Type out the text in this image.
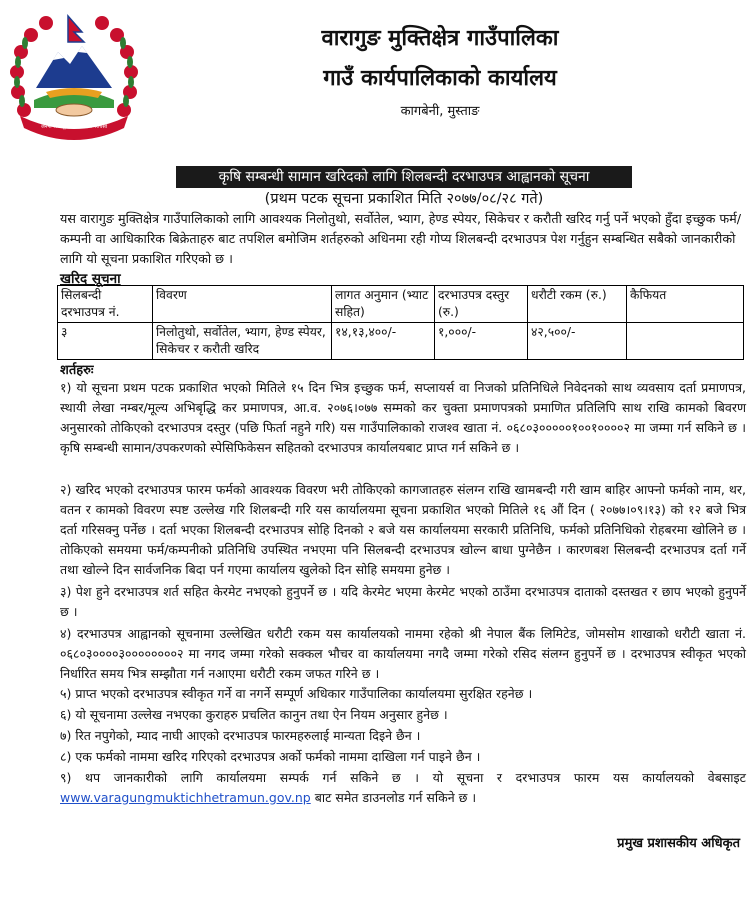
जननी जन्मभूमिश्च स्वर्गादपि गरीयसी
वारागुङ मुक्तिक्षेत्र गाउँपालिका
गाउँ कार्यपालिकाको कार्यालय
कागबेनी, मुस्ताङ
कृषि सम्बन्धी सामान खरिदको लागि शिलबन्दी दरभाउपत्र आह्वानको सूचना
(प्रथम पटक सूचना प्रकाशित मिति २०७७/०८/२८ गते)
यस वारागुङ मुक्तिक्षेत्र गाउँपालिकाको लागि आवश्यक निलोतुथो, सर्वोतेल, भ्याग, हेण्ड स्पेयर, सिकेचर र करौती खरिद गर्नु पर्ने भएको हुँदा इच्छुक फर्म/कम्पनी वा आधिकारिक बिक्रेताहरु बाट तपशिल बमोजिम शर्तहरुको अधिनमा रही गोप्य शिलबन्दी दरभाउपत्र पेश गर्नुहुन सम्बन्धित सबैको जानकारीको लागि यो सूचना प्रकाशित गरिएको छ ।
खरिद सूचना
सिलबन्दी दरभाउपत्र नं.	विवरण	लागत अनुमान (भ्याट सहित)	दरभाउपत्र दस्तुर (रु.)	धरौटी रकम (रु.)	कैफियत
३	निलोतुथो, सर्वोतेल, भ्याग, हेण्ड स्पेयर, सिकेचर र करौती खरिद	१४,१३,४००/-	१,०००/-	४२,५००/-	
शर्तहरुः
१) यो सूचना प्रथम पटक प्रकाशित भएको मितिले १५ दिन भित्र इच्छुक फर्म, सप्लायर्स वा निजको प्रतिनिधिले निवेदनको साथ व्यवसाय दर्ता प्रमाणपत्र, स्थायी लेखा नम्बर/मूल्य अभिबृद्धि कर प्रमाणपत्र, आ.व. २०७६।०७७ सम्मको कर चुक्ता प्रमाणपत्रको प्रमाणित प्रतिलिपि साथ राखि कामको बिवरण अनुसारको तोकिएको दरभाउपत्र दस्तुर (पछि फिर्ता नहुने गरि) यस गाउँपालिकाको राजश्व खाता नं. ०६८०३०००००१००१००००२ मा जम्मा गर्न सकिने छ । कृषि सम्बन्धी सामान/उपकरणको स्पेसिफिकेसन सहितको दरभाउपत्र कार्यालयबाट प्राप्त गर्न सकिने छ ।
२) खरिद भएको दरभाउपत्र फारम फर्मको आवश्यक विवरण भरी तोकिएको कागजातहरु संलग्न राखि खामबन्दी गरी खाम बाहिर आफ्नो फर्मको नाम, थर, वतन र कामको विवरण स्पष्ट उल्लेख गरि शिलबन्दी गरि यस कार्यालयमा सूचना प्रकाशित भएको मितिले १६ औं दिन ( २०७७।०९।१३) को १२ बजे भित्र दर्ता गरिसक्नु पर्नेछ । दर्ता भएका शिलबन्दी दरभाउपत्र सोहि दिनको २ बजे यस कार्यालयमा सरकारी प्रतिनिधि, फर्मको प्रतिनिधिको रोहबरमा खोलिने छ । तोकिएको समयमा फर्म/कम्पनीको प्रतिनिधि उपस्थित नभएमा पनि सिलबन्दी दरभाउपत्र खोल्न बाधा पुग्नेछैन । कारणबश सिलबन्दी दरभाउपत्र दर्ता गर्ने तथा खोल्ने दिन सार्वजनिक बिदा पर्न गएमा कार्यालय खुलेको दिन सोहि समयमा हुनेछ ।
३) पेश हुने दरभाउपत्र शर्त सहित केरमेट नभएको हुनुपर्ने छ । यदि केरमेट भएमा केरमेट भएको ठाउँमा दरभाउपत्र दाताको दस्तखत र छाप भएको हुनुपर्ने छ ।
४) दरभाउपत्र आह्वानको सूचनामा उल्लेखित धरौटी रकम यस कार्यालयको नाममा रहेको श्री नेपाल बैंक लिमिटेड, जोमसोम शाखाको धरौटी खाता नं. ०६८०३००००३००००००००२ मा नगद जम्मा गरेको सक्कल भौचर वा कार्यालयमा नगदै जम्मा गरेको रसिद संलग्न हुनुपर्ने छ । दरभाउपत्र स्वीकृत भएको निर्धारित समय भित्र सम्झौता गर्न नआएमा धरौटी रकम जफत गरिने छ ।
५) प्राप्त भएको दरभाउपत्र स्वीकृत गर्ने वा नगर्ने सम्पूर्ण अधिकार गाउँपालिका कार्यालयमा सुरक्षित रहनेछ ।
६) यो सूचनामा उल्लेख नभएका कुराहरु प्रचलित कानुन तथा ऐन नियम अनुसार हुनेछ ।
७) रित नपुगेको, म्याद नाघी आएको दरभाउपत्र फारमहरुलाई मान्यता दिइने छैन ।
८) एक फर्मको नाममा खरिद गरिएको दरभाउपत्र अर्को फर्मको नाममा दाखिला गर्न पाइने छैन ।
९) थप जानकारीको लागि कार्यालयमा सम्पर्क गर्न सकिने छ । यो सूचना र दरभाउपत्र फारम यस कार्यालयको वेबसाइट www.varagungmuktichhetramun.gov.np बाट समेत डाउनलोड गर्न सकिने छ ।
प्रमुख प्रशासकीय अधिकृत
